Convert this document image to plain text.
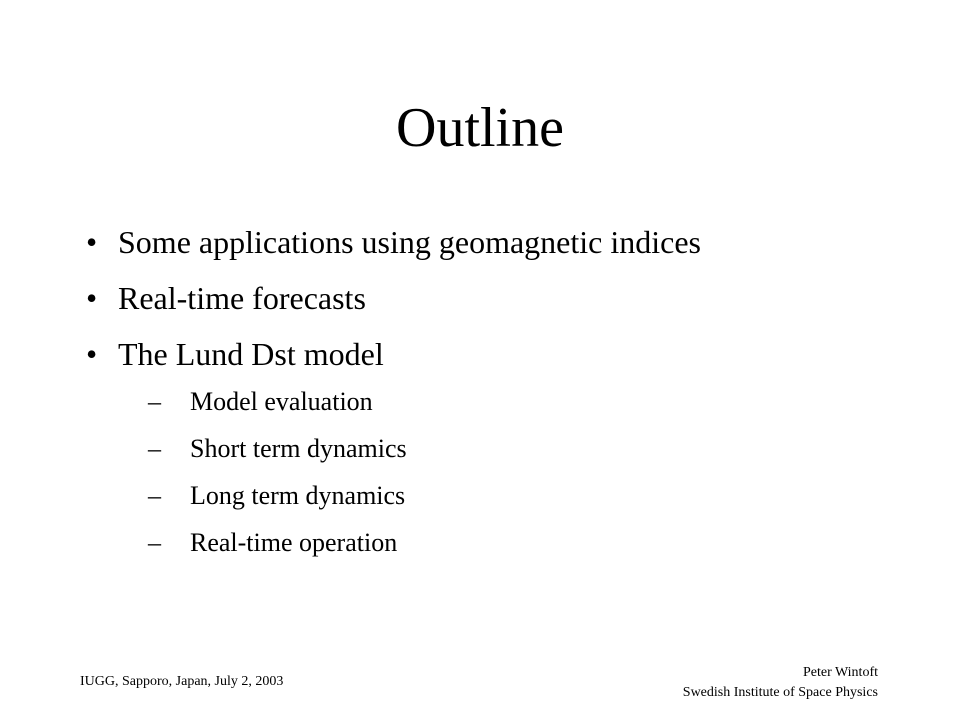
Outline
• Some applications using geomagnetic indices
• Real-time forecasts
• The Lund Dst model
–	Model evaluation
–	Short term dynamics
–	Long term dynamics
–	Real-time operation
IUGG, Sapporo, Japan, July 2, 2003
Peter Wintoft
Swedish Institute of Space Physics
